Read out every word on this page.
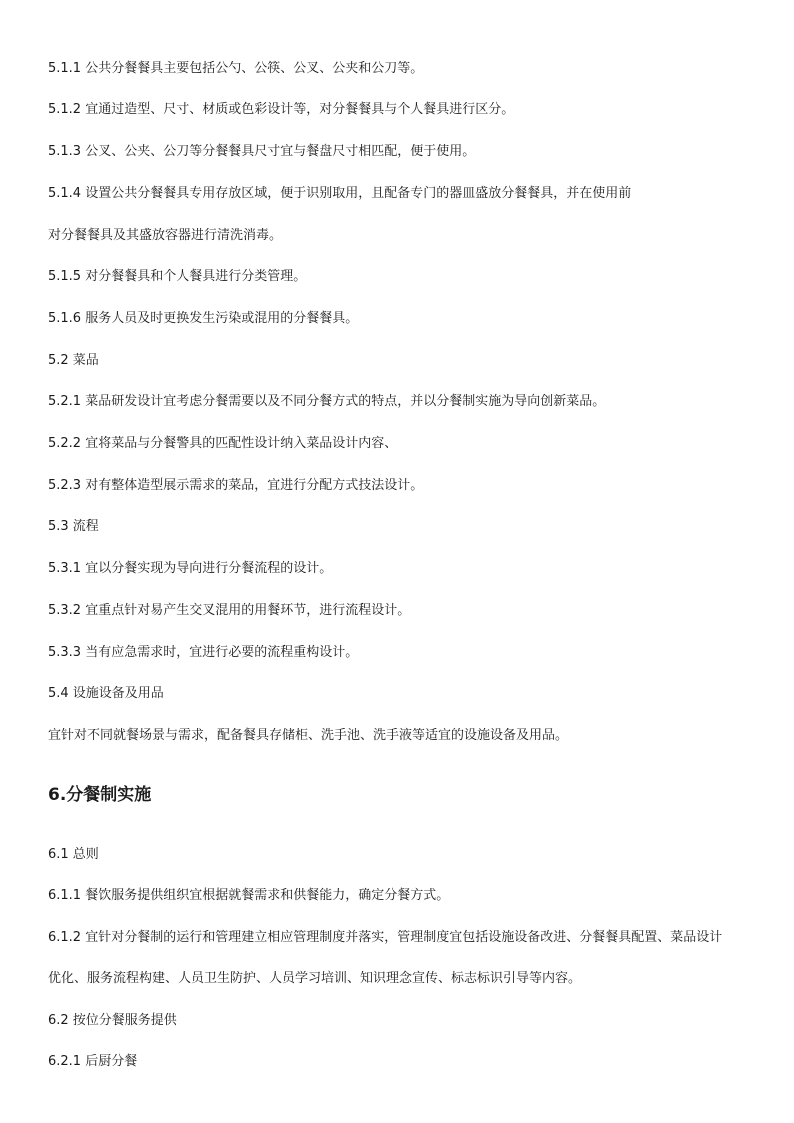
5.1.1 公共分餐餐具主要包括公勺、公筷、公叉、公夹和公刀等。
5.1.2 宜通过造型、尺寸、材质或色彩设计等，对分餐餐具与个人餐具进行区分。
5.1.3 公叉、公夹、公刀等分餐餐具尺寸宜与餐盘尺寸相匹配，便于使用。
5.1.4 设置公共分餐餐具专用存放区域，便于识别取用，且配备专门的器皿盛放分餐餐具，并在使用前
对分餐餐具及其盛放容器进行清洗消毒。
5.1.5 对分餐餐具和个人餐具进行分类管理。
5.1.6 服务人员及时更换发生污染或混用的分餐餐具。
5.2 菜品
5.2.1 菜品研发设计宜考虑分餐需要以及不同分餐方式的特点，并以分餐制实施为导向创新菜品。
5.2.2 宜将菜品与分餐警具的匹配性设计纳入菜品设计内容、
5.2.3 对有整体造型展示需求的菜品，宜进行分配方式技法设计。
5.3 流程
5.3.1 宜以分餐实现为导向进行分餐流程的设计。
5.3.2 宜重点针对易产生交叉混用的用餐环节，进行流程设计。
5.3.3 当有应急需求时，宜进行必要的流程重构设计。
5.4 设施设备及用品
宜针对不同就餐场景与需求，配备餐具存储柜、洗手池、洗手液等适宜的设施设备及用品。
6.分餐制实施
6.1 总则
6.1.1 餐饮服务提供组织宜根据就餐需求和供餐能力，确定分餐方式。
6.1.2 宜针对分餐制的运行和管理建立相应管理制度并落实，管理制度宜包括设施设备改进、分餐餐具配置、菜品设计
优化、服务流程构建、人员卫生防护、人员学习培训、知识理念宣传、标志标识引导等内容。
6.2 按位分餐服务提供
6.2.1 后厨分餐
